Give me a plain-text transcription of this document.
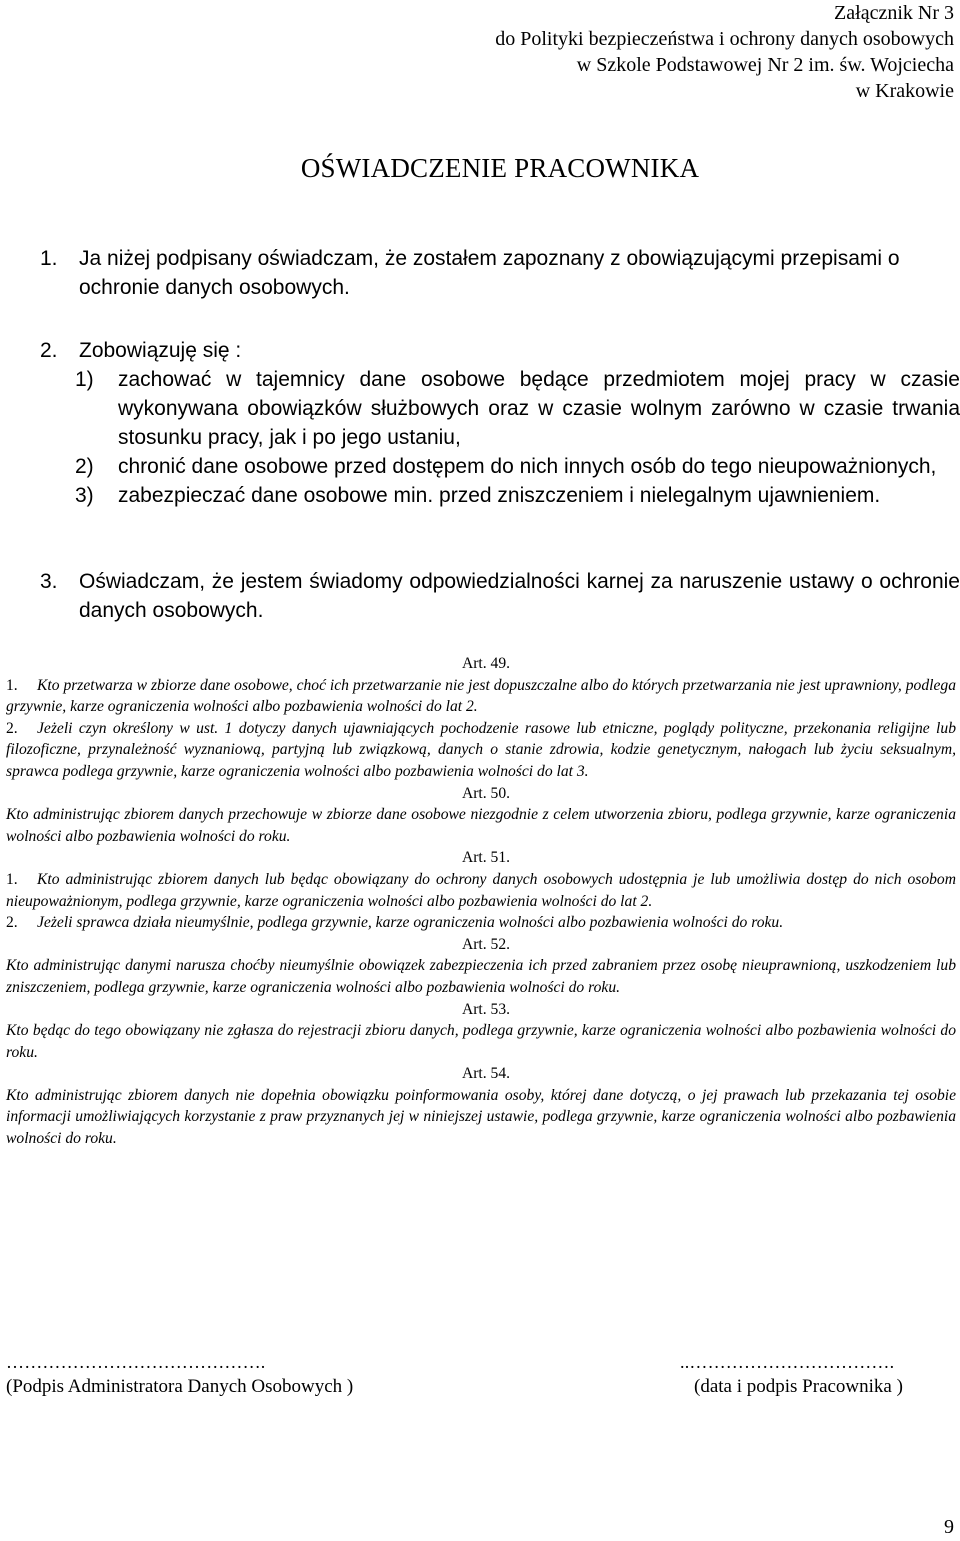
Załącznik Nr 3
do Polityki bezpieczeństwa i ochrony danych osobowych
w Szkole Podstawowej Nr 2 im. św. Wojciecha
w Krakowie
OŚWIADCZENIE PRACOWNIKA
1. Ja niżej podpisany oświadczam, że zostałem zapoznany z obowiązującymi przepisami o ochronie danych osobowych.
2. Zobowiązuję się :
1) zachować w tajemnicy dane osobowe będące przedmiotem mojej pracy w czasie wykonywana obowiązków służbowych oraz w czasie wolnym zarówno w czasie trwania stosunku pracy, jak i po jego ustaniu,
2) chronić dane osobowe przed dostępem do nich innych osób do tego nieupoważnionych,
3) zabezpieczać dane osobowe min. przed zniszczeniem i nielegalnym ujawnieniem.
3. Oświadczam, że jestem świadomy odpowiedzialności karnej za naruszenie ustawy o ochronie danych osobowych.
Art. 49.
1. Kto przetwarza w zbiorze dane osobowe, choć ich przetwarzanie nie jest dopuszczalne albo do których przetwarzania nie jest uprawniony, podlega grzywnie, karze ograniczenia wolności albo pozbawienia wolności do lat 2.
2. Jeżeli czyn określony w ust. 1 dotyczy danych ujawniających pochodzenie rasowe lub etniczne, poglądy polityczne, przekonania religijne lub filozoficzne, przynależność wyznaniową, partyjną lub związkową, danych o stanie zdrowia, kodzie genetycznym, nałogach lub życiu seksualnym, sprawca podlega grzywnie, karze ograniczenia wolności albo pozbawienia wolności do lat 3.
Art. 50.
Kto administrując zbiorem danych przechowuje w zbiorze dane osobowe niezgodnie z celem utworzenia zbioru, podlega grzywnie, karze ograniczenia wolności albo pozbawienia wolności do roku.
Art. 51.
1. Kto administrując zbiorem danych lub będąc obowiązany do ochrony danych osobowych udostępnia je lub umożliwia dostęp do nich osobom nieupoważnionym, podlega grzywnie, karze ograniczenia wolności albo pozbawienia wolności do lat 2.
2. Jeżeli sprawca działa nieumyślnie, podlega grzywnie, karze ograniczenia wolności albo pozbawienia wolności do roku.
Art. 52.
Kto administrując danymi narusza choćby nieumyślnie obowiązek zabezpieczenia ich przed zabraniem przez osobę nieuprawnioną, uszkodzeniem lub zniszczeniem, podlega grzywnie, karze ograniczenia wolności albo pozbawienia wolności do roku.
Art. 53.
Kto będąc do tego obowiązany nie zgłasza do rejestracji zbioru danych, podlega grzywnie, karze ograniczenia wolności albo pozbawienia wolności do roku.
Art. 54.
Kto administrując zbiorem danych nie dopełnia obowiązku poinformowania osoby, której dane dotyczą, o jej prawach lub przekazania tej osobie informacji umożliwiających korzystanie z praw przyznanych jej w niniejszej ustawie, podlega grzywnie, karze ograniczenia wolności albo pozbawienia wolności do roku.
…………………………………….
(Podpis Administratora Danych Osobowych )
..…………………………….
(data i podpis Pracownika )
9
